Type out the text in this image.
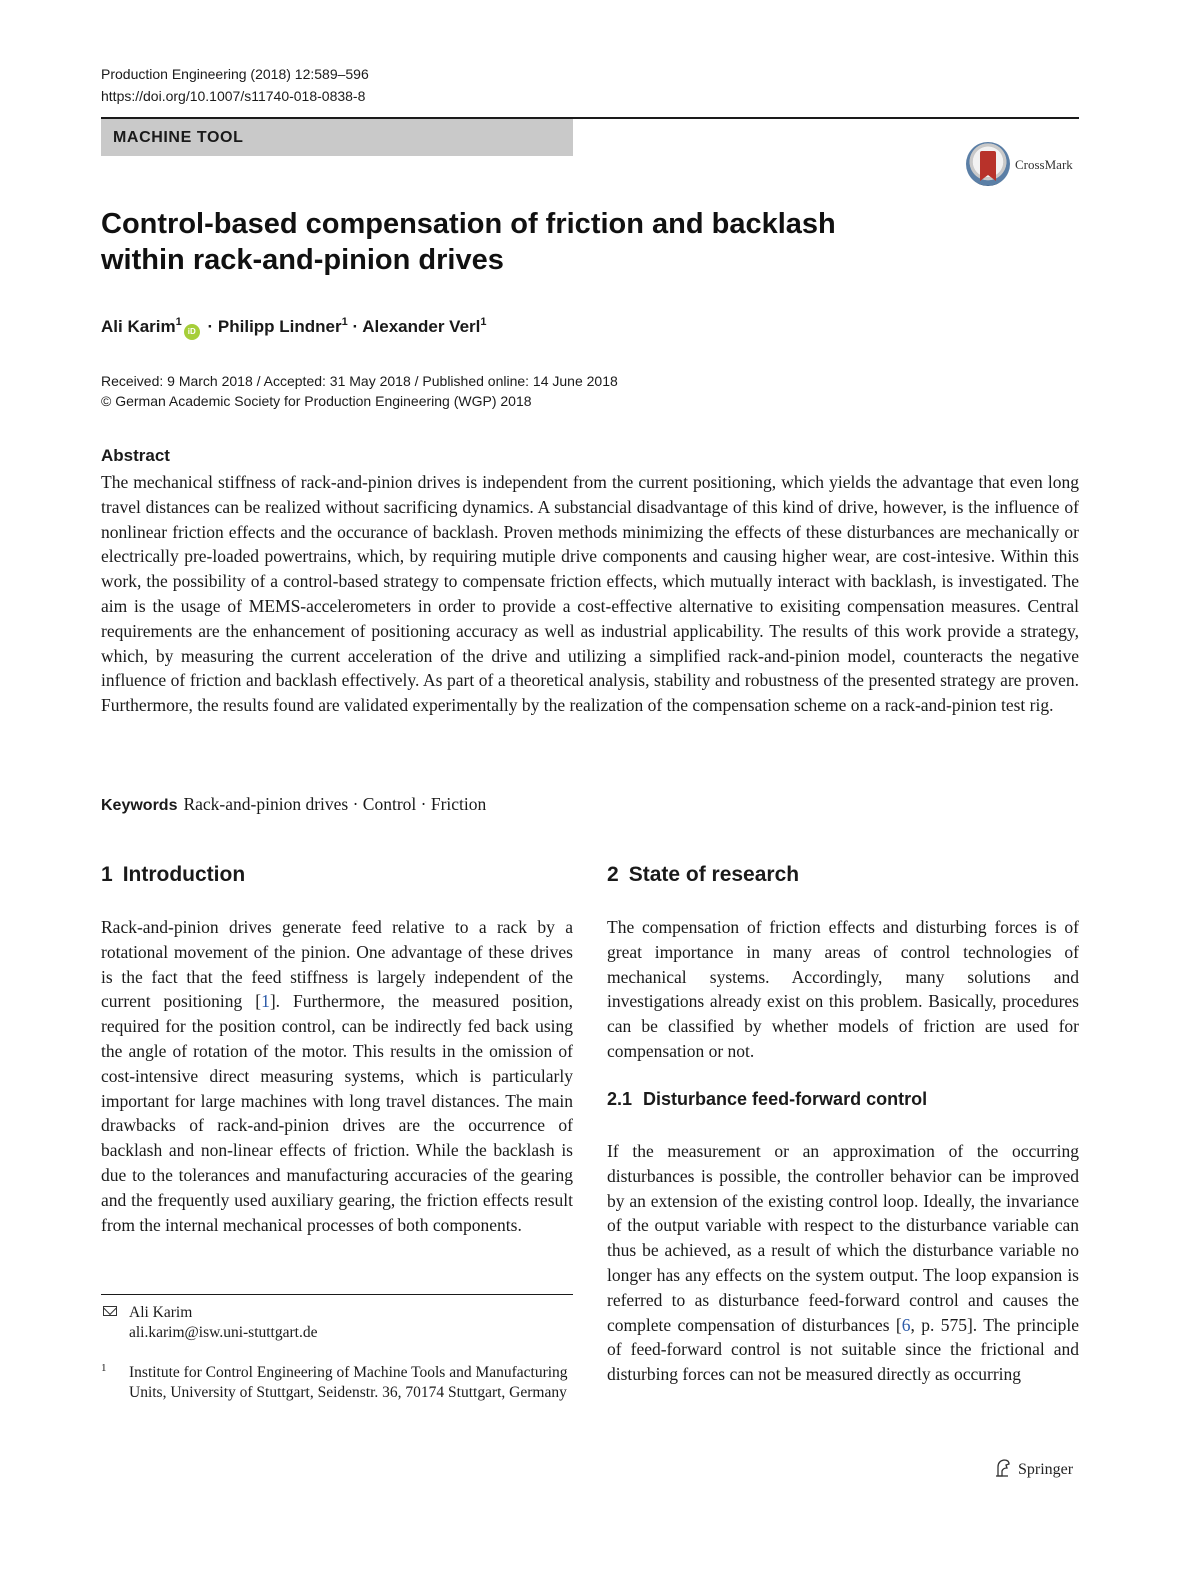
Production Engineering (2018) 12:589–596
https://doi.org/10.1007/s11740-018-0838-8
MACHINE TOOL
CrossMark
Control-based compensation of friction and backlash
within rack-and-pinion drives
Ali Karim$^1$iD · Philipp Lindner$^1$ · Alexander Verl$^1$
Received: 9 March 2018 / Accepted: 31 May 2018 / Published online: 14 June 2018
© German Academic Society for Production Engineering (WGP) 2018
Abstract
The mechanical stiffness of rack-and-pinion drives is independent from the current positioning, which yields the advantage that even long travel distances can be realized without sacrificing dynamics. A substancial disadvantage of this kind of drive, however, is the influence of nonlinear friction effects and the occurance of backlash. Proven methods minimizing the effects of these disturbances are mechanically or electrically pre-loaded powertrains, which, by requiring mutiple drive components and causing higher wear, are cost-intesive. Within this work, the possibility of a control-based strategy to compensate friction effects, which mutually interact with backlash, is investigated. The aim is the usage of MEMS-accelerometers in order to provide a cost-effective alternative to exisiting compensation measures. Central requirements are the enhancement of positioning accuracy as well as industrial applicability. The results of this work provide a strategy, which, by measuring the current acceleration of the drive and utilizing a simplified rack-and-pinion model, counteracts the negative influence of friction and backlash effectively. As part of a theoretical analysis, stability and robustness of the presented strategy are proven. Furthermore, the results found are validated experimentally by the realization of the compensation scheme on a rack-and-pinion test rig.
Keywords Rack-and-pinion drives · Control · Friction
1 Introduction
Rack-and-pinion drives generate feed relative to a rack by a rotational movement of the pinion. One advantage of these drives is the fact that the feed stiffness is largely independent of the current positioning [1]. Furthermore, the measured position, required for the position control, can be indirectly fed back using the angle of rotation of the motor. This results in the omission of cost-intensive direct measuring systems, which is particularly important for large machines with long travel distances. The main drawbacks of rack-and-pinion drives are the occurrence of backlash and non-linear effects of friction. While the backlash is due to the tolerances and manufacturing accuracies of the gearing and the frequently used auxiliary gearing, the friction effects result from the internal mechanical processes of both components.
Ali Karim
ali.karim@isw.uni-stuttgart.de
1 Institute for Control Engineering of Machine Tools and Manufacturing Units, University of Stuttgart, Seidenstr. 36, 70174 Stuttgart, Germany
2 State of research
The compensation of friction effects and disturbing forces is of great importance in many areas of control technologies of mechanical systems. Accordingly, many solutions and investigations already exist on this problem. Basically, procedures can be classified by whether models of friction are used for compensation or not.
2.1 Disturbance feed-forward control
If the measurement or an approximation of the occurring disturbances is possible, the controller behavior can be improved by an extension of the existing control loop. Ideally, the invariance of the output variable with respect to the disturbance variable can thus be achieved, as a result of which the disturbance variable no longer has any effects on the system output. The loop expansion is referred to as disturbance feed-forward control and causes the complete compensation of disturbances [6, p. 575]. The principle of feed-forward control is not suitable since the frictional and disturbing forces can not be measured directly as occurring
Springer
